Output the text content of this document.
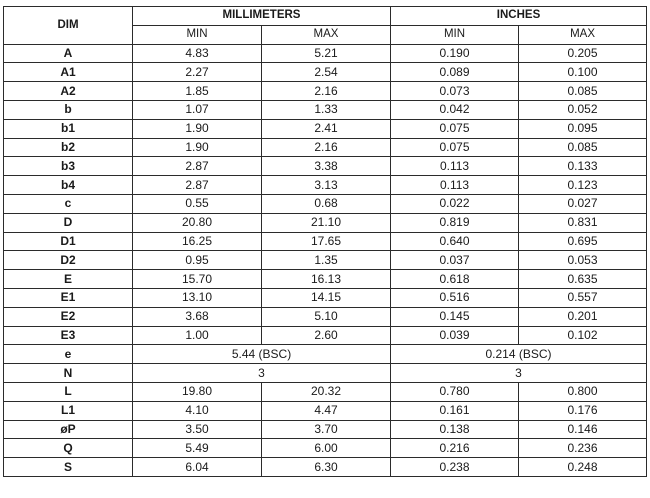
DIM	MILLIMETERS		INCHES	
	MIN	MAX	MIN	MAX
A	4.83	5.21	0.190	0.205
A1	2.27	2.54	0.089	0.100
A2	1.85	2.16	0.073	0.085
b	1.07	1.33	0.042	0.052
b1	1.90	2.41	0.075	0.095
b2	1.90	2.16	0.075	0.085
b3	2.87	3.38	0.113	0.133
b4	2.87	3.13	0.113	0.123
c	0.55	0.68	0.022	0.027
D	20.80	21.10	0.819	0.831
D1	16.25	17.65	0.640	0.695
D2	0.95	1.35	0.037	0.053
E	15.70	16.13	0.618	0.635
E1	13.10	14.15	0.516	0.557
E2	3.68	5.10	0.145	0.201
E3	1.00	2.60	0.039	0.102
e	5.44 (BSC)		0.214 (BSC)	
N	3		3	
L	19.80	20.32	0.780	0.800
L1	4.10	4.47	0.161	0.176
øP	3.50	3.70	0.138	0.146
Q	5.49	6.00	0.216	0.236
S	6.04	6.30	0.238	0.248
